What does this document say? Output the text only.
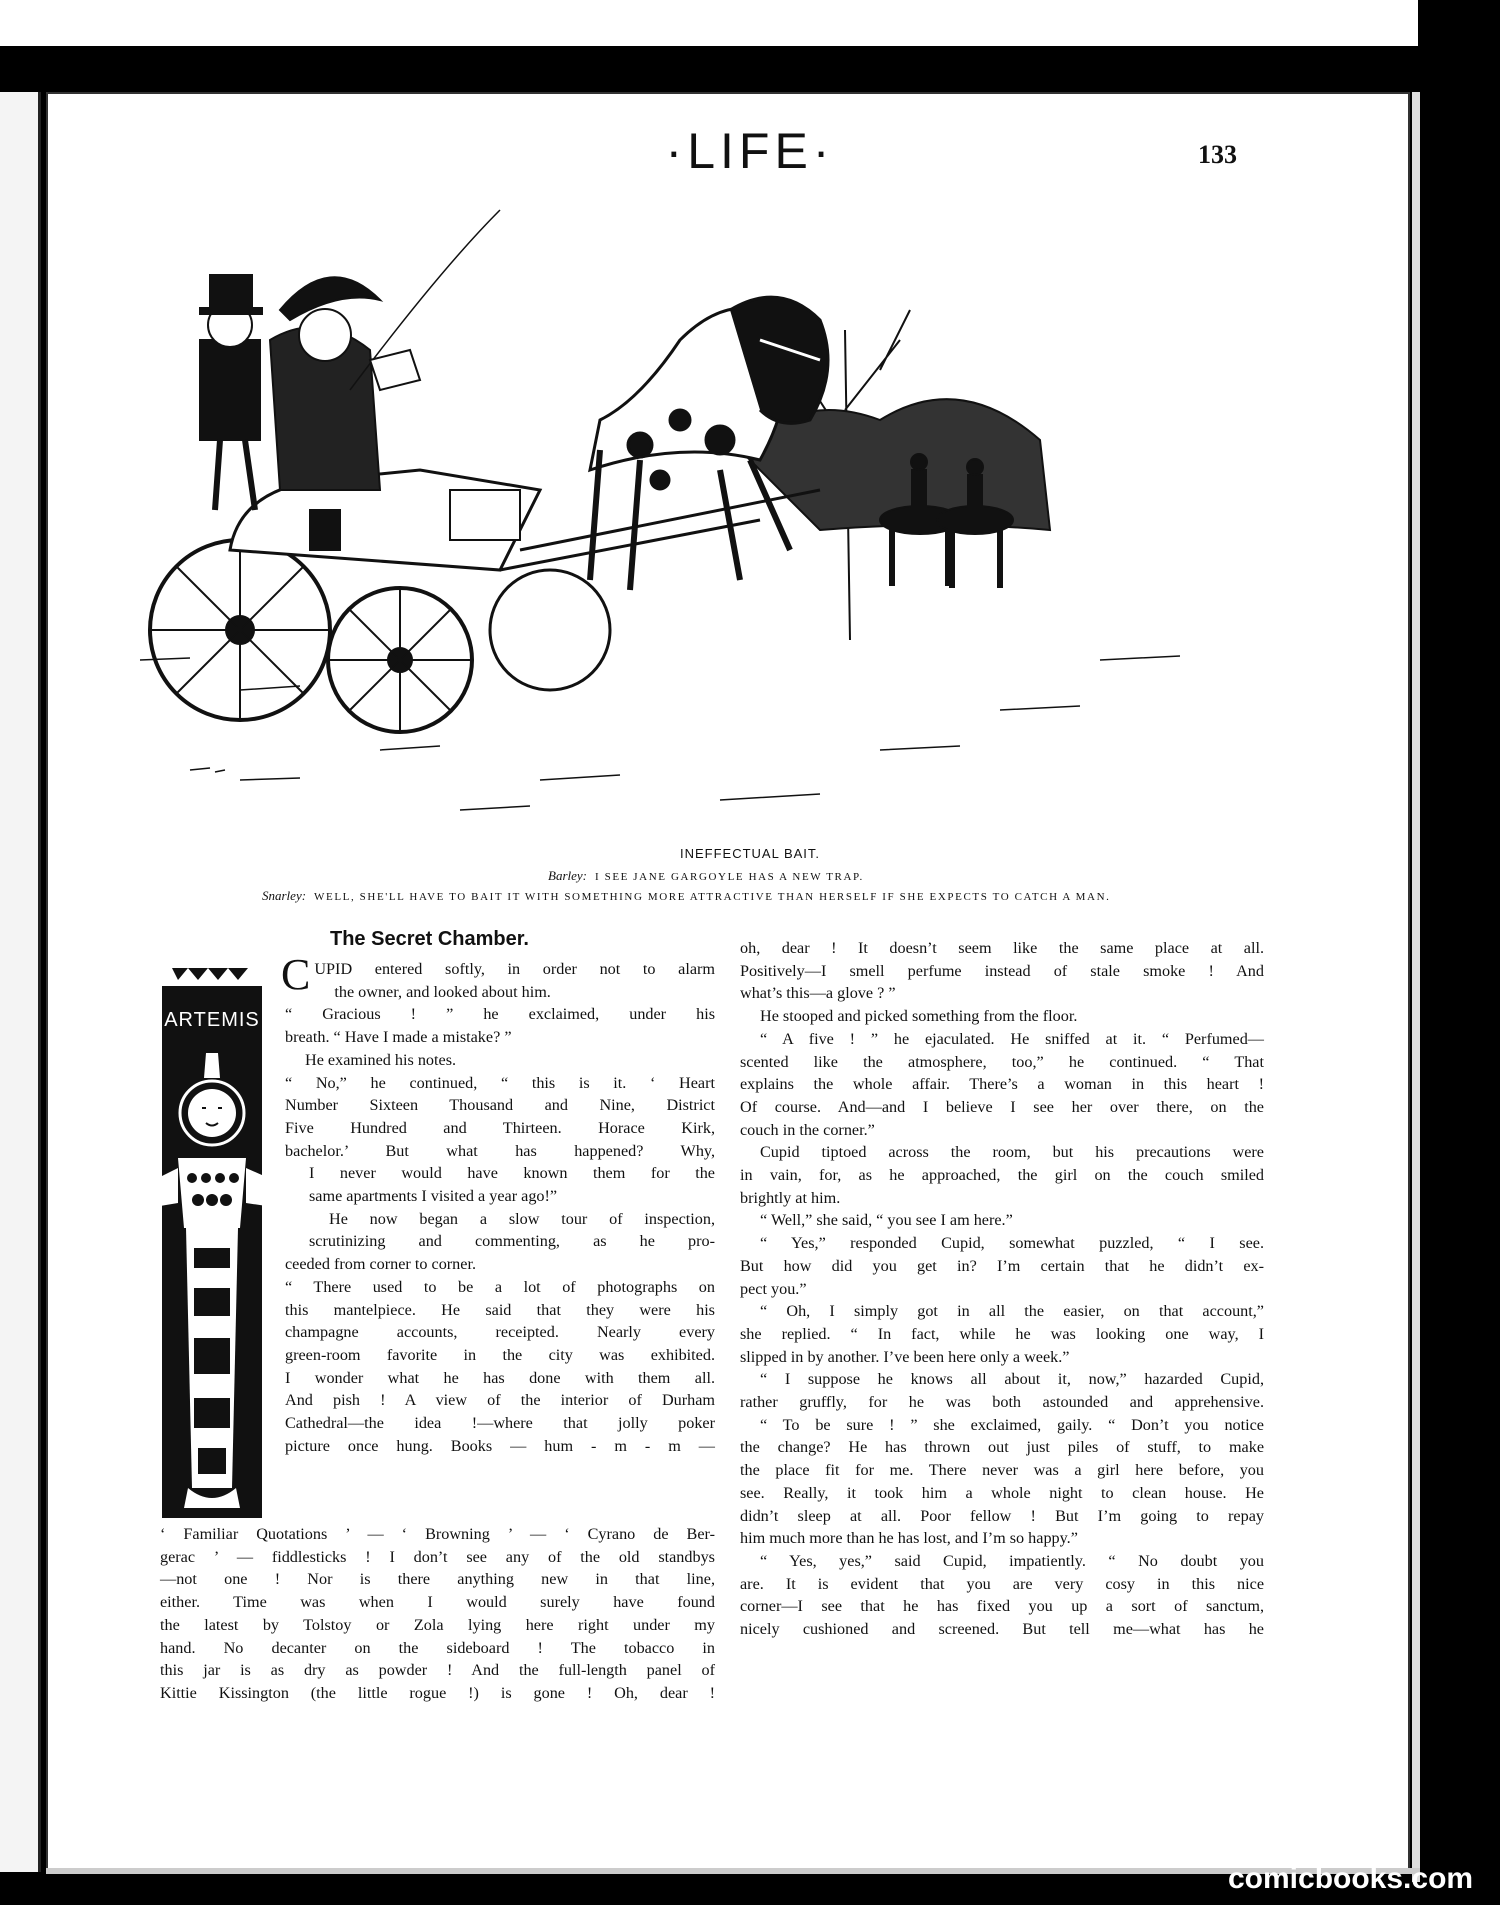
·LIFE·	133
INEFFECTUAL BAIT.
Barley: I SEE JANE GARGOYLE HAS A NEW TRAP.
Snarley: WELL, SHE'LL HAVE TO BAIT IT WITH SOMETHING MORE ATTRACTIVE THAN HERSELF IF SHE EXPECTS TO CATCH A MAN.
The Secret Chamber.
ARTEMIS
CUPID entered softly, in order not to alarm
the owner, and looked about him.
“ Gracious ! ” he exclaimed, under his
breath. “ Have I made a mistake? ”
He examined his notes.
“ No,” he continued, “ this is it. ‘ Heart
Number Sixteen Thousand and Nine, District
Five Hundred and Thirteen. Horace Kirk,
bachelor.’ But what has happened? Why,
I never would have known them for the
same apartments I visited a year ago!”
He now began a slow tour of inspection,
scrutinizing and commenting, as he pro-
ceeded from corner to corner.
“ There used to be a lot of photographs on
this mantelpiece. He said that they were his
champagne accounts, receipted. Nearly every
green-room favorite in the city was exhibited.
I wonder what he has done with them all.
And pish ! A view of the interior of Durham
Cathedral—the idea !—where that jolly poker
picture once hung. Books — hum - m - m —
‘ Familiar Quotations ’ — ‘ Browning ’ — ‘ Cyrano de Ber-
gerac ’ — fiddlesticks ! I don’t see any of the old standbys
—not one ! Nor is there anything new in that line,
either. Time was when I would surely have found
the latest by Tolstoy or Zola lying here right under my
hand. No decanter on the sideboard ! The tobacco in
this jar is as dry as powder ! And the full-length panel of
Kittie Kissington (the little rogue !) is gone ! Oh, dear !
oh, dear ! It doesn’t seem like the same place at all.
Positively—I smell perfume instead of stale smoke ! And
what’s this—a glove ? ”
He stooped and picked something from the floor.
“ A five ! ” he ejaculated. He sniffed at it. “ Perfumed—
scented like the atmosphere, too,” he continued. “ That
explains the whole affair. There’s a woman in this heart !
Of course. And—and I believe I see her over there, on the
couch in the corner.”
Cupid tiptoed across the room, but his precautions were
in vain, for, as he approached, the girl on the couch smiled
brightly at him.
“ Well,” she said, “ you see I am here.”
“ Yes,” responded Cupid, somewhat puzzled, “ I see.
But how did you get in? I’m certain that he didn’t ex-
pect you.”
“ Oh, I simply got in all the easier, on that account,”
she replied. “ In fact, while he was looking one way, I
slipped in by another. I’ve been here only a week.”
“ I suppose he knows all about it, now,” hazarded Cupid,
rather gruffly, for he was both astounded and apprehensive.
“ To be sure ! ” she exclaimed, gaily. “ Don’t you notice
the change? He has thrown out just piles of stuff, to make
the place fit for me. There never was a girl here before, you
see. Really, it took him a whole night to clean house. He
didn’t sleep at all. Poor fellow ! But I’m going to repay
him much more than he has lost, and I’m so happy.”
“ Yes, yes,” said Cupid, impatiently. “ No doubt you
are. It is evident that you are very cosy in this nice
corner—I see that he has fixed you up a sort of sanctum,
nicely cushioned and screened. But tell me—what has he
comicbooks.com
